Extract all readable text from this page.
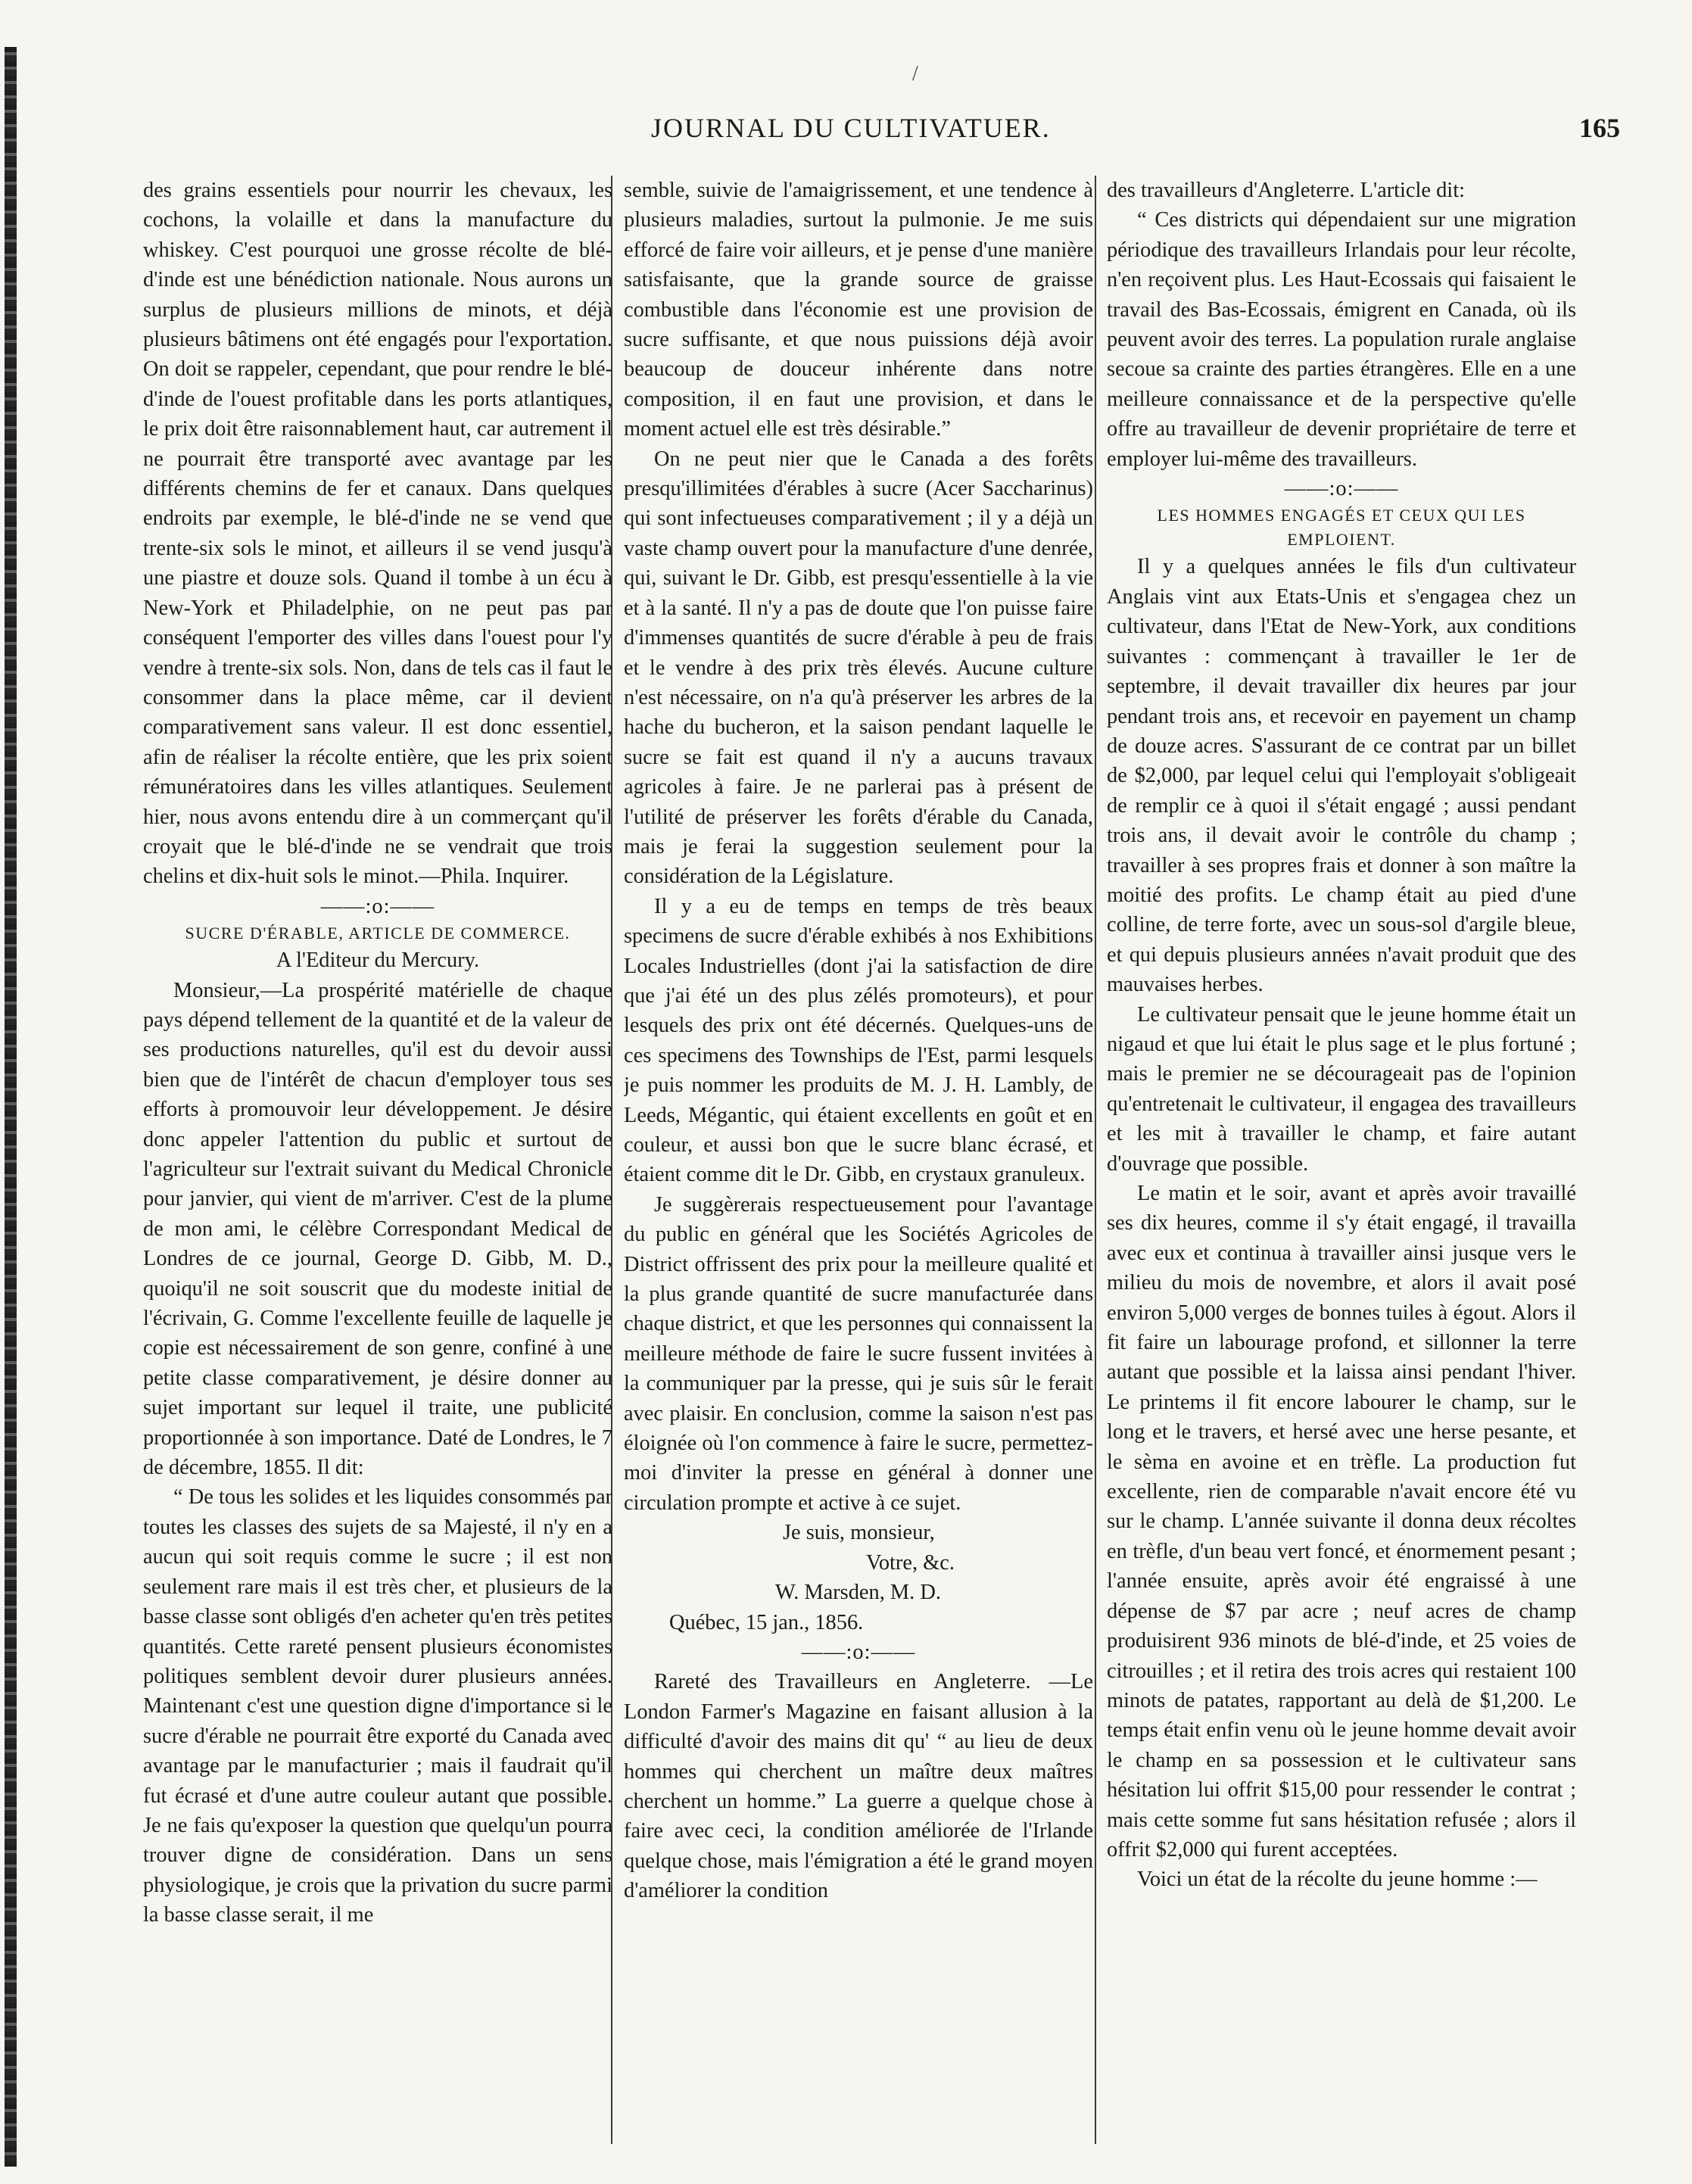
/
JOURNAL DU CULTIVATUER.	165

des grains essentiels pour nourrir les chevaux, les cochons, la volaille et dans la manufacture du whiskey. C'est pourquoi une grosse récolte de blé-d'inde est une bénédiction nationale. Nous aurons un surplus de plusieurs millions de minots, et déjà plusieurs bâtimens ont été engagés pour l'exportation. On doit se rappeler, cependant, que pour rendre le blé-d'inde de l'ouest profitable dans les ports atlantiques, le prix doit être raisonnablement haut, car autrement il ne pourrait être transporté avec avantage par les différents chemins de fer et canaux. Dans quelques endroits par exemple, le blé-d'inde ne se vend que trente-six sols le minot, et ailleurs il se vend jusqu'à une piastre et douze sols. Quand il tombe à un écu à New-York et Philadelphie, on ne peut pas par conséquent l'emporter des villes dans l'ouest pour l'y vendre à trente-six sols. Non, dans de tels cas il faut le consommer dans la place même, car il devient comparativement sans valeur. Il est donc essentiel, afin de réaliser la récolte entière, que les prix soient rémunératoires dans les villes atlantiques. Seulement hier, nous avons entendu dire à un commerçant qu'il croyait que le blé-d'inde ne se vendrait que trois chelins et dix-huit sols le minot.—Phila. Inquirer.

——:o:——

SUCRE D'ÉRABLE, ARTICLE DE COMMERCE.

A l'Editeur du Mercury.

Monsieur,—La prospérité matérielle de chaque pays dépend tellement de la quantité et de la valeur de ses productions naturelles, qu'il est du devoir aussi bien que de l'intérêt de chacun d'employer tous ses efforts à promouvoir leur développement. Je désire donc appeler l'attention du public et surtout de l'agriculteur sur l'extrait suivant du Medical Chronicle pour janvier, qui vient de m'arriver. C'est de la plume de mon ami, le célèbre Correspondant Medical de Londres de ce journal, George D. Gibb, M. D., quoiqu'il ne soit souscrit que du modeste initial de l'écrivain, G. Comme l'excellente feuille de laquelle je copie est nécessairement de son genre, confiné à une petite classe comparativement, je désire donner au sujet important sur lequel il traite, une publicité proportionnée à son importance. Daté de Londres, le 7 de décembre, 1855. Il dit:

“ De tous les solides et les liquides consommés par toutes les classes des sujets de sa Majesté, il n'y en a aucun qui soit requis comme le sucre ; il est non seulement rare mais il est très cher, et plusieurs de la basse classe sont obligés d'en acheter qu'en très petites quantités. Cette rareté pensent plusieurs économistes politiques semblent devoir durer plusieurs années. Maintenant c'est une question digne d'importance si le sucre d'érable ne pourrait être exporté du Canada avec avantage par le manufacturier ; mais il faudrait qu'il fut écrasé et d'une autre couleur autant que possible. Je ne fais qu'exposer la question que quelqu'un pourra trouver digne de considération. Dans un sens physiologique, je crois que la privation du sucre parmi la basse classe serait, il me

semble, suivie de l'amaigrissement, et une tendence à plusieurs maladies, surtout la pulmonie. Je me suis efforcé de faire voir ailleurs, et je pense d'une manière satisfaisante, que la grande source de graisse combustible dans l'économie est une provision de sucre suffisante, et que nous puissions déjà avoir beaucoup de douceur inhérente dans notre composition, il en faut une provision, et dans le moment actuel elle est très désirable.”

On ne peut nier que le Canada a des forêts presqu'illimitées d'érables à sucre (Acer Saccharinus) qui sont infectueuses comparativement ; il y a déjà un vaste champ ouvert pour la manufacture d'une denrée, qui, suivant le Dr. Gibb, est presqu'essentielle à la vie et à la santé. Il n'y a pas de doute que l'on puisse faire d'immenses quantités de sucre d'érable à peu de frais et le vendre à des prix très élevés. Aucune culture n'est nécessaire, on n'a qu'à préserver les arbres de la hache du bucheron, et la saison pendant laquelle le sucre se fait est quand il n'y a aucuns travaux agricoles à faire. Je ne parlerai pas à présent de l'utilité de préserver les forêts d'érable du Canada, mais je ferai la suggestion seulement pour la considération de la Législature.

Il y a eu de temps en temps de très beaux specimens de sucre d'érable exhibés à nos Exhibitions Locales Industrielles (dont j'ai la satisfaction de dire que j'ai été un des plus zélés promoteurs), et pour lesquels des prix ont été décernés. Quelques-uns de ces specimens des Townships de l'Est, parmi lesquels je puis nommer les produits de M. J. H. Lambly, de Leeds, Mégantic, qui étaient excellents en goût et en couleur, et aussi bon que le sucre blanc écrasé, et étaient comme dit le Dr. Gibb, en crystaux granuleux.

Je suggèrerais respectueusement pour l'avantage du public en général que les Sociétés Agricoles de District offrissent des prix pour la meilleure qualité et la plus grande quantité de sucre manufacturée dans chaque district, et que les personnes qui connaissent la meilleure méthode de faire le sucre fussent invitées à la communiquer par la presse, qui je suis sûr le ferait avec plaisir. En conclusion, comme la saison n'est pas éloignée où l'on commence à faire le sucre, permettez-moi d'inviter la presse en général à donner une circulation prompte et active à ce sujet.

Je suis, monsieur,

Votre, &c.

W. Marsden, M. D.

Québec, 15 jan., 1856.

——:o:——

Rareté des Travailleurs en Angleterre. —Le London Farmer's Magazine en faisant allusion à la difficulté d'avoir des mains dit qu' “ au lieu de deux hommes qui cherchent un maître deux maîtres cherchent un homme.” La guerre a quelque chose à faire avec ceci, la condition améliorée de l'Irlande quelque chose, mais l'émigration a été le grand moyen d'améliorer la condition

des travailleurs d'Angleterre. L'article dit:

“ Ces districts qui dépendaient sur une migration périodique des travailleurs Irlandais pour leur récolte, n'en reçoivent plus. Les Haut-Ecossais qui faisaient le travail des Bas-Ecossais, émigrent en Canada, où ils peuvent avoir des terres. La population rurale anglaise secoue sa crainte des parties étrangères. Elle en a une meilleure connaissance et de la perspective qu'elle offre au travailleur de devenir propriétaire de terre et employer lui-même des travailleurs.

——:o:——

LES HOMMES ENGAGÉS ET CEUX QUI LES EMPLOIENT.

Il y a quelques années le fils d'un cultivateur Anglais vint aux Etats-Unis et s'engagea chez un cultivateur, dans l'Etat de New-York, aux conditions suivantes : commençant à travailler le 1er de septembre, il devait travailler dix heures par jour pendant trois ans, et recevoir en payement un champ de douze acres. S'assurant de ce contrat par un billet de $2,000, par lequel celui qui l'employait s'obligeait de remplir ce à quoi il s'était engagé ; aussi pendant trois ans, il devait avoir le contrôle du champ ; travailler à ses propres frais et donner à son maître la moitié des profits. Le champ était au pied d'une colline, de terre forte, avec un sous-sol d'argile bleue, et qui depuis plusieurs années n'avait produit que des mauvaises herbes.

Le cultivateur pensait que le jeune homme était un nigaud et que lui était le plus sage et le plus fortuné ; mais le premier ne se décourageait pas de l'opinion qu'entretenait le cultivateur, il engagea des travailleurs et les mit à travailler le champ, et faire autant d'ouvrage que possible.

Le matin et le soir, avant et après avoir travaillé ses dix heures, comme il s'y était engagé, il travailla avec eux et continua à travailler ainsi jusque vers le milieu du mois de novembre, et alors il avait posé environ 5,000 verges de bonnes tuiles à égout. Alors il fit faire un labourage profond, et sillonner la terre autant que possible et la laissa ainsi pendant l'hiver. Le printems il fit encore labourer le champ, sur le long et le travers, et hersé avec une herse pesante, et le sèma en avoine et en trèfle. La production fut excellente, rien de comparable n'avait encore été vu sur le champ. L'année suivante il donna deux récoltes en trèfle, d'un beau vert foncé, et énormement pesant ; l'année ensuite, après avoir été engraissé à une dépense de $7 par acre ; neuf acres de champ produisirent 936 minots de blé-d'inde, et 25 voies de citrouilles ; et il retira des trois acres qui restaient 100 minots de patates, rapportant au delà de $1,200. Le temps était enfin venu où le jeune homme devait avoir le champ en sa possession et le cultivateur sans hésitation lui offrit $15,00 pour ressender le contrat ; mais cette somme fut sans hésitation refusée ; alors il offrit $2,000 qui furent acceptées.

Voici un état de la récolte du jeune homme :—
